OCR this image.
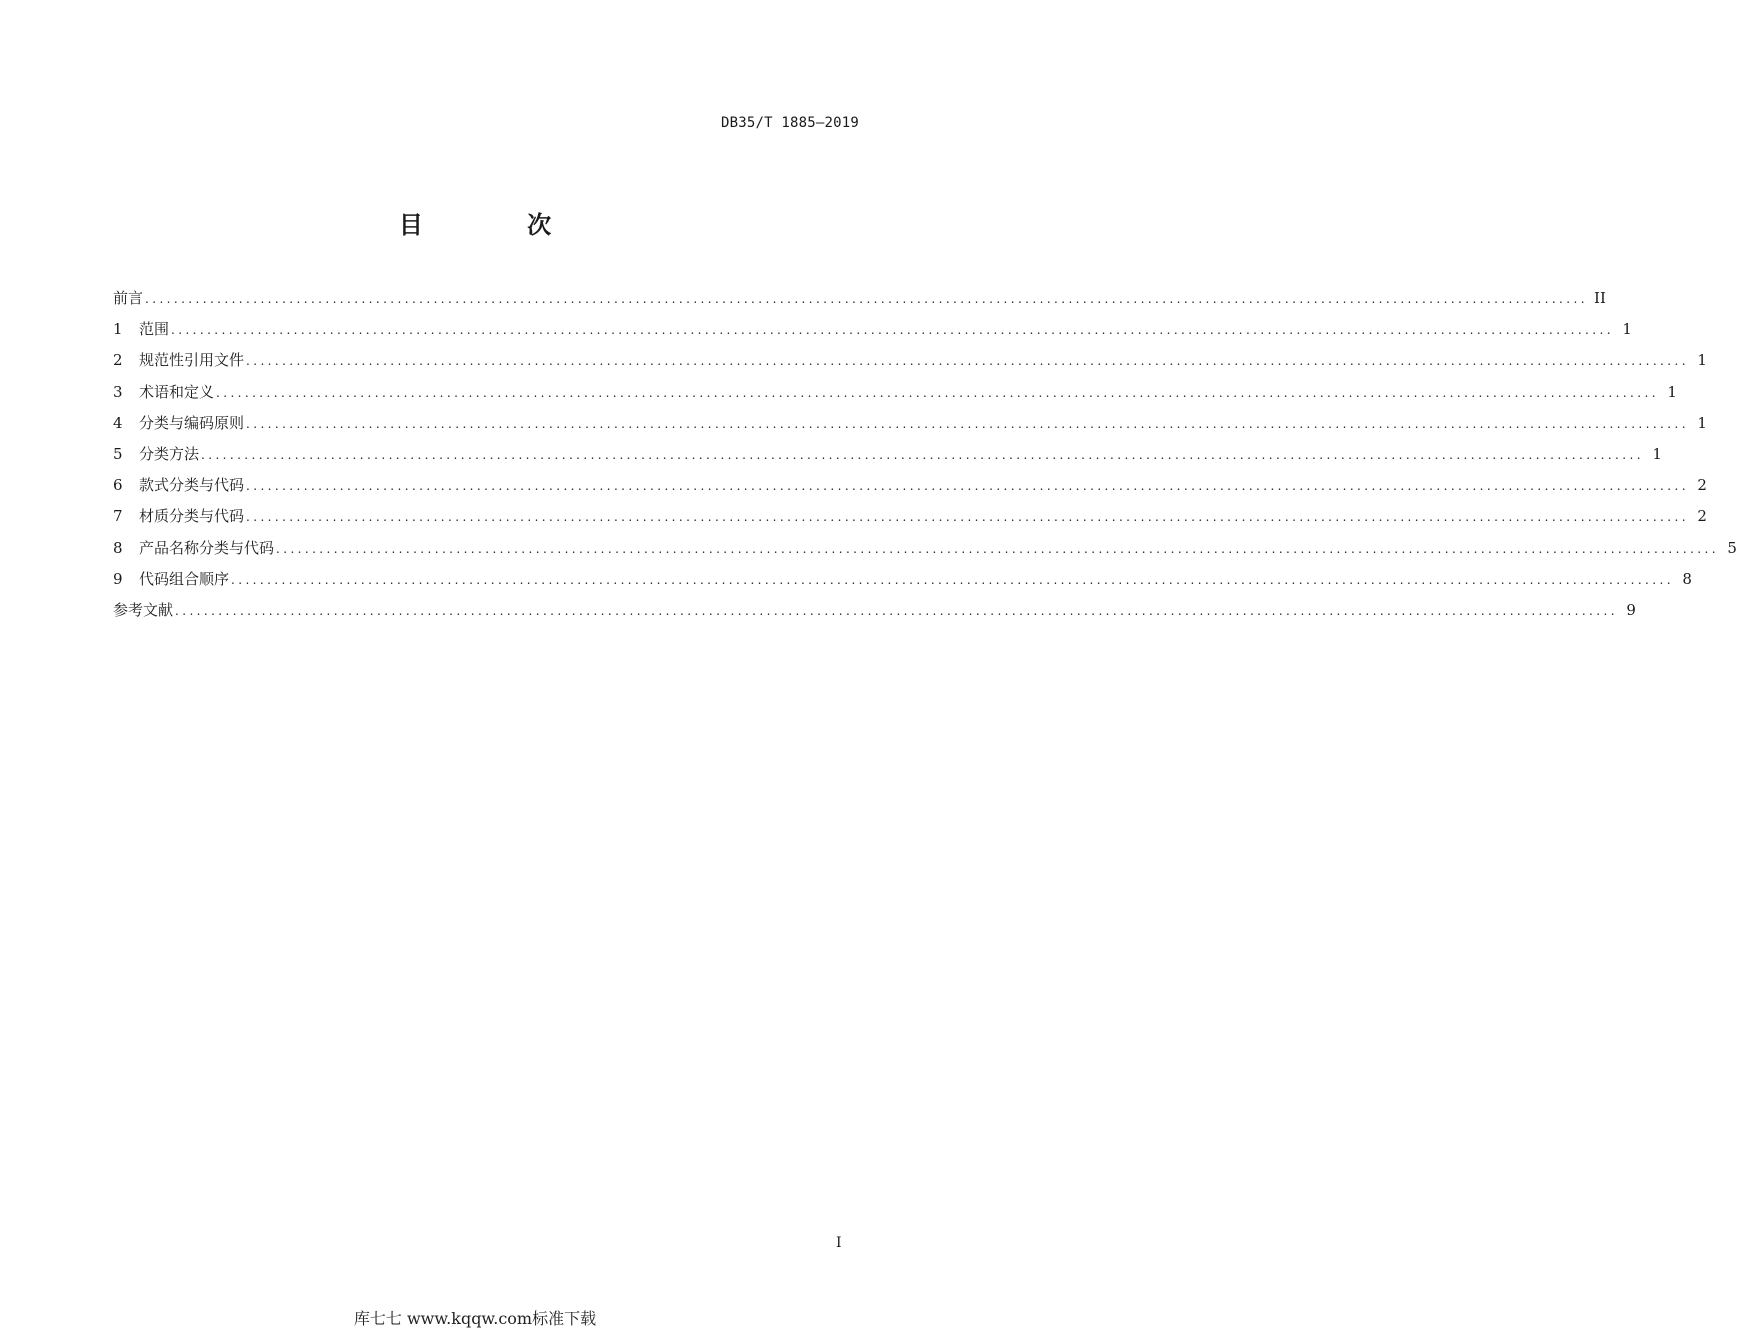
DB35/T 1885—2019
目 次
前言 ........................................................................................................................................................................................................ II
1	范围 ........................................................................................................................................................................................................ 1
2	规范性引用文件 ........................................................................................................................................................................................................ 1
3	术语和定义 ........................................................................................................................................................................................................ 1
4	分类与编码原则 ........................................................................................................................................................................................................ 1
5	分类方法 ........................................................................................................................................................................................................ 1
6	款式分类与代码 ........................................................................................................................................................................................................ 2
7	材质分类与代码 ........................................................................................................................................................................................................ 2
8	产品名称分类与代码 ........................................................................................................................................................................................................ 5
9	代码组合顺序 ........................................................................................................................................................................................................ 8
参考文献 ........................................................................................................................................................................................................ 9
I
库七七 www.kqqw.com标准下载
